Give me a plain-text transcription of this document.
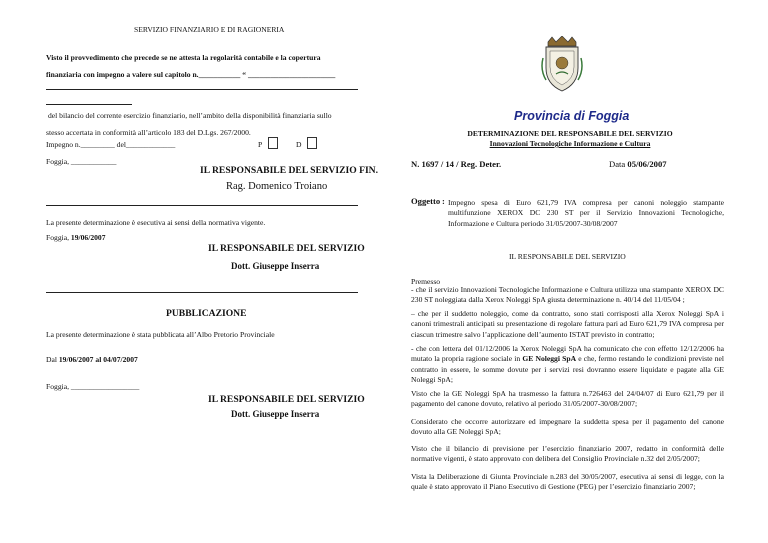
SERVIZIO FINANZIARIO E DI RAGIONERIA
Visto il provvedimento che precede se ne attesta la regolarità contabile e la copertura
finanziaria con impegno a valere sul capitolo n.___________ “ _______________________
del bilancio del corrente esercizio finanziario, nell’ambito della disponibilità finanziaria sullo
stesso accertata in conformità all’articolo 183 del D.Lgs. 267/2000.
Impegno n._________ del_____________	P	D
Foggia, ____________
IL RESPONSABILE DEL SERVIZIO FIN.
Rag. Domenico Troiano
La presente determinazione è esecutiva ai sensi della normativa vigente.
Foggia, 19/06/2007
IL RESPONSABILE DEL SERVIZIO
Dott. Giuseppe Inserra
PUBBLICAZIONE
La presente determinazione è stata pubblicata all’Albo Pretorio Provinciale
Dal 19/06/2007 al 04/07/2007
Foggia, __________________
IL RESPONSABILE DEL SERVIZIO
Dott. Giuseppe Inserra
Provincia di Foggia
DETERMINAZIONE DEL RESPONSABILE DEL SERVIZIO
Innovazioni Tecnologiche Informazione e Cultura
N. 1697 / 14 / Reg. Deter.	Data 05/06/2007
Oggetto : Impegno spesa di Euro 621,79 IVA compresa per canoni noleggio stampante multifunzione XEROX DC 230 ST per il Servizio Innovazioni Tecnologiche, Informazione e Cultura periodo 31/05/2007-30/08/2007
IL RESPONSABILE DEL SERVIZIO
Premesso
- che il servizio Innovazioni Tecnologiche Informazione e Cultura utilizza una stampante XEROX DC 230 ST noleggiata dalla Xerox Noleggi SpA giusta determinazione n. 40/14 del 11/05/04 ;
– che per il suddetto noleggio, come da contratto, sono stati corrisposti alla Xerox Noleggi SpA i canoni trimestrali anticipati su presentazione di regolare fattura pari ad Euro 621,79 IVA compresa per ciascun trimestre salvo l’applicazione dell’aumento ISTAT previsto in contratto;
- che con lettera del 01/12/2006 la Xerox Noleggi SpA ha comunicato che con effetto 12/12/2006 ha mutato la propria ragione sociale in GE Noleggi SpA e che, fermo restando le condizioni previste nel contratto in essere, le somme dovute per i servizi resi dovranno essere liquidate e pagate alla GE Noleggi SpA;
Visto che la GE Noleggi SpA ha trasmesso la fattura n.726463 del 24/04/07 di Euro 621,79 per il pagamento del canone dovuto, relativo al periodo 31/05/2007-30/08/2007;
Considerato che occorre autorizzare ed impegnare la suddetta spesa per il pagamento del canone dovuto alla GE Noleggi SpA;
Visto che il bilancio di previsione per l’esercizio finanziario 2007, redatto in conformità delle normative vigenti, è stato approvato con delibera del Consiglio Provinciale n.32 del 2/05/2007;
Vista la Deliberazione di Giunta Provinciale n.283 del 30/05/2007, esecutiva ai sensi di legge, con la quale è stato approvato il Piano Esecutivo di Gestione (PEG) per l’esercizio finanziario 2007;
